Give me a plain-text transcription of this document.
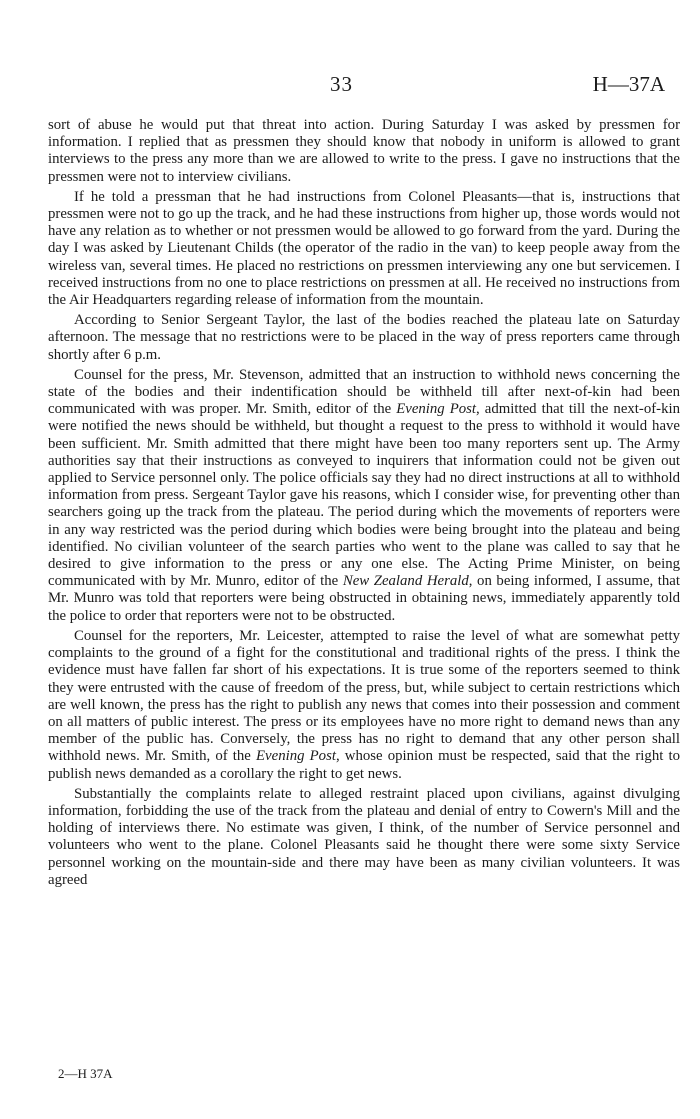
33	H—37A

sort of abuse he would put that threat into action. During Saturday I was asked by pressmen for information. I replied that as pressmen they should know that nobody in uniform is allowed to grant interviews to the press any more than we are allowed to write to the press. I gave no instructions that the pressmen were not to interview civilians.

If he told a pressman that he had instructions from Colonel Pleasants—that is, instructions that pressmen were not to go up the track, and he had these instructions from higher up, those words would not have any relation as to whether or not pressmen would be allowed to go forward from the yard. During the day I was asked by Lieutenant Childs (the operator of the radio in the van) to keep people away from the wireless van, several times. He placed no restrictions on pressmen interviewing any one but servicemen. I received instructions from no one to place restrictions on pressmen at all. He received no instructions from the Air Headquarters regarding release of information from the mountain.

According to Senior Sergeant Taylor, the last of the bodies reached the plateau late on Saturday afternoon. The message that no restrictions were to be placed in the way of press reporters came through shortly after 6 p.m.

Counsel for the press, Mr. Stevenson, admitted that an instruction to withhold news concerning the state of the bodies and their indentification should be withheld till after next-of-kin had been communicated with was proper. Mr. Smith, editor of the Evening Post, admitted that till the next-of-kin were notified the news should be withheld, but thought a request to the press to withhold it would have been sufficient. Mr. Smith admitted that there might have been too many reporters sent up. The Army authorities say that their instructions as conveyed to inquirers that information could not be given out applied to Service personnel only. The police officials say they had no direct instructions at all to withhold information from press. Sergeant Taylor gave his reasons, which I consider wise, for preventing other than searchers going up the track from the plateau. The period during which the movements of reporters were in any way restricted was the period during which bodies were being brought into the plateau and being identified. No civilian volunteer of the search parties who went to the plane was called to say that he desired to give information to the press or any one else. The Acting Prime Minister, on being communicated with by Mr. Munro, editor of the New Zealand Herald, on being informed, I assume, that Mr. Munro was told that reporters were being obstructed in obtaining news, immediately apparently told the police to order that reporters were not to be obstructed.

Counsel for the reporters, Mr. Leicester, attempted to raise the level of what are somewhat petty complaints to the ground of a fight for the constitutional and traditional rights of the press. I think the evidence must have fallen far short of his expectations. It is true some of the reporters seemed to think they were entrusted with the cause of freedom of the press, but, while subject to certain restrictions which are well known, the press has the right to publish any news that comes into their possession and comment on all matters of public interest. The press or its employees have no more right to demand news than any member of the public has. Conversely, the press has no right to demand that any other person shall withhold news. Mr. Smith, of the Evening Post, whose opinion must be respected, said that the right to publish news demanded as a corollary the right to get news.

Substantially the complaints relate to alleged restraint placed upon civilians, against divulging information, forbidding the use of the track from the plateau and denial of entry to Cowern's Mill and the holding of interviews there. No estimate was given, I think, of the number of Service personnel and volunteers who went to the plane. Colonel Pleasants said he thought there were some sixty Service personnel working on the mountain-side and there may have been as many civilian volunteers. It was agreed

2—H 37A
